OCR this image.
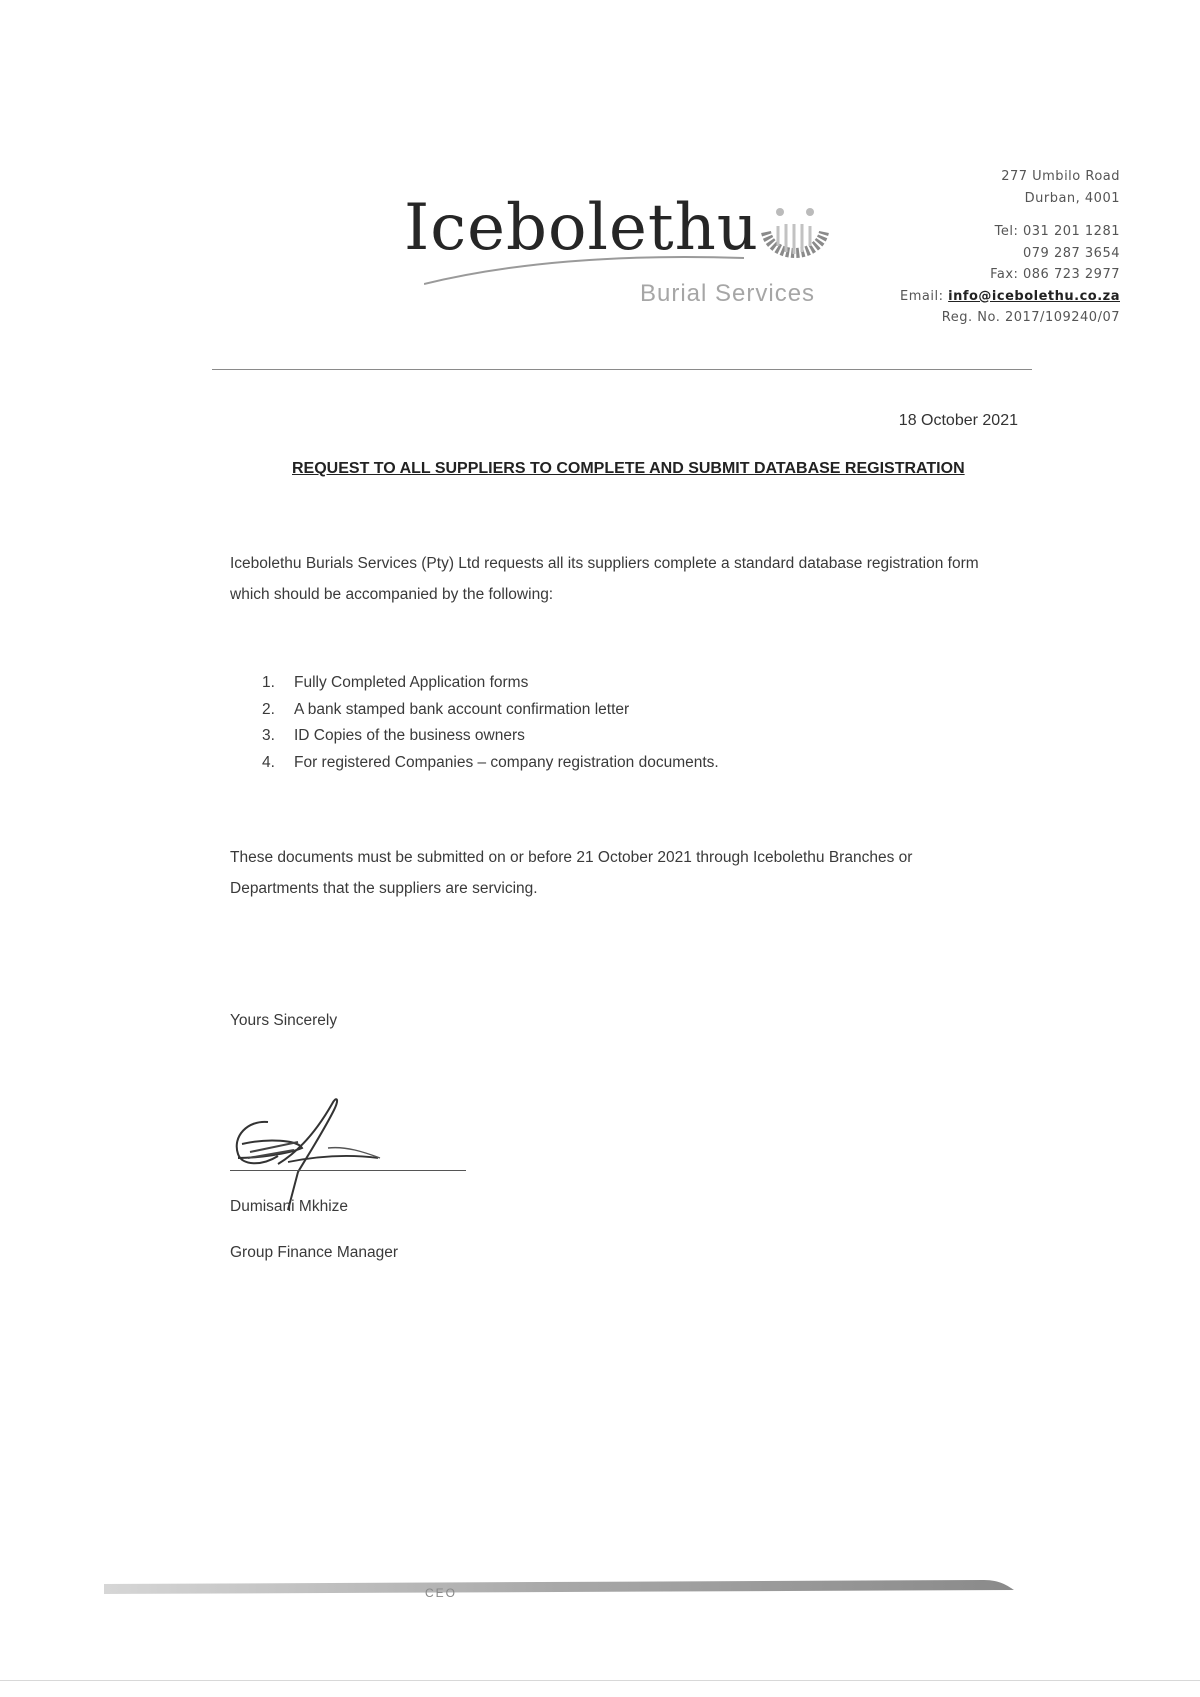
Icebolethu
Burial Services
277 Umbilo Road
Durban, 4001
Tel: 031 201 1281
079 287 3654
Fax: 086 723 2977
Email: info@icebolethu.co.za
Reg. No. 2017/109240/07
18 October 2021
REQUEST TO ALL SUPPLIERS TO COMPLETE AND SUBMIT DATABASE REGISTRATION
Icebolethu Burials Services (Pty) Ltd requests all its suppliers complete a standard database registration form which should be accompanied by the following:
1. Fully Completed Application forms
2. A bank stamped bank account confirmation letter
3. ID Copies of the business owners
4. For registered Companies – company registration documents.
These documents must be submitted on or before 21 October 2021 through Icebolethu Branches or Departments that the suppliers are servicing.
Yours Sincerely
Dumisani Mkhize
Group Finance Manager
CEO
